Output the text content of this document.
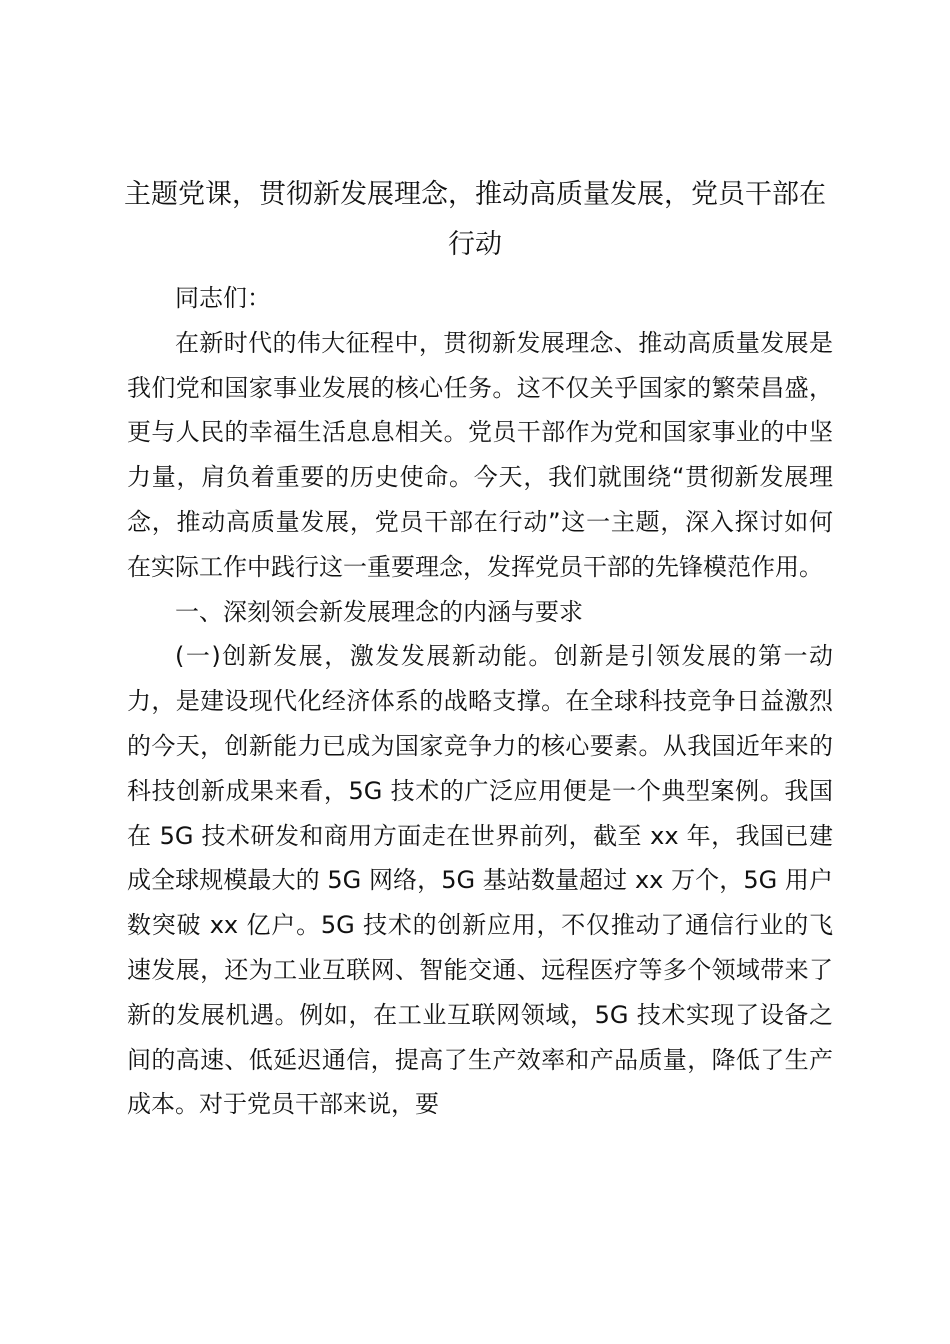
主题党课，贯彻新发展理念，推动高质量发展，党员干部在行动

同志们：

在新时代的伟大征程中，贯彻新发展理念、推动高质量发展是我们党和国家事业发展的核心任务。这不仅关乎国家的繁荣昌盛，更与人民的幸福生活息息相关。党员干部作为党和国家事业的中坚力量，肩负着重要的历史使命。今天，我们就围绕“贯彻新发展理念，推动高质量发展，党员干部在行动”这一主题，深入探讨如何在实际工作中践行这一重要理念，发挥党员干部的先锋模范作用。

一、深刻领会新发展理念的内涵与要求

(一)创新发展，激发发展新动能。创新是引领发展的第一动力，是建设现代化经济体系的战略支撑。在全球科技竞争日益激烈的今天，创新能力已成为国家竞争力的核心要素。从我国近年来的科技创新成果来看，5G 技术的广泛应用便是一个典型案例。我国在 5G 技术研发和商用方面走在世界前列，截至 xx 年，我国已建成全球规模最大的 5G 网络，5G 基站数量超过 xx 万个，5G 用户数突破 xx 亿户。5G 技术的创新应用，不仅推动了通信行业的飞速发展，还为工业互联网、智能交通、远程医疗等多个领域带来了新的发展机遇。例如，在工业互联网领域，5G 技术实现了设备之间的高速、低延迟通信，提高了生产效率和产品质量，降低了生产成本。对于党员干部来说，要
